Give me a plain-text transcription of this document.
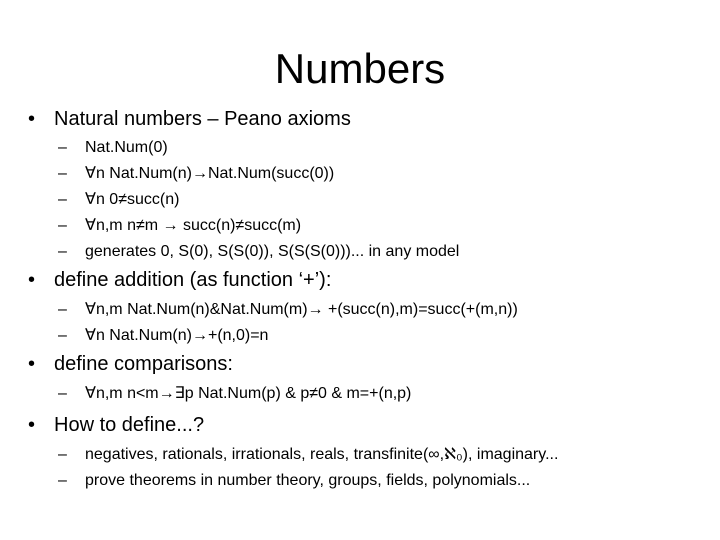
Numbers
• Natural numbers – Peano axioms
– Nat.Num(0)
– ∀n Nat.Num(n)→Nat.Num(succ(0))
– ∀n 0≠succ(n)
– ∀n,m n≠m → succ(n)≠succ(m)
– generates 0, S(0), S(S(0)), S(S(S(0)))... in any model
• define addition (as function ‘+’):
– ∀n,m Nat.Num(n)&Nat.Num(m)→ +(succ(n),m)=succ(+(m,n))
– ∀n Nat.Num(n)→+(n,0)=n
• define comparisons:
– ∀n,m n<m→∃p Nat.Num(p) & p≠0 & m=+(n,p)
• How to define...?
– negatives, rationals, irrationals, reals, transfinite(∞,ℵ₀), imaginary...
– prove theorems in number theory, groups, fields, polynomials...
